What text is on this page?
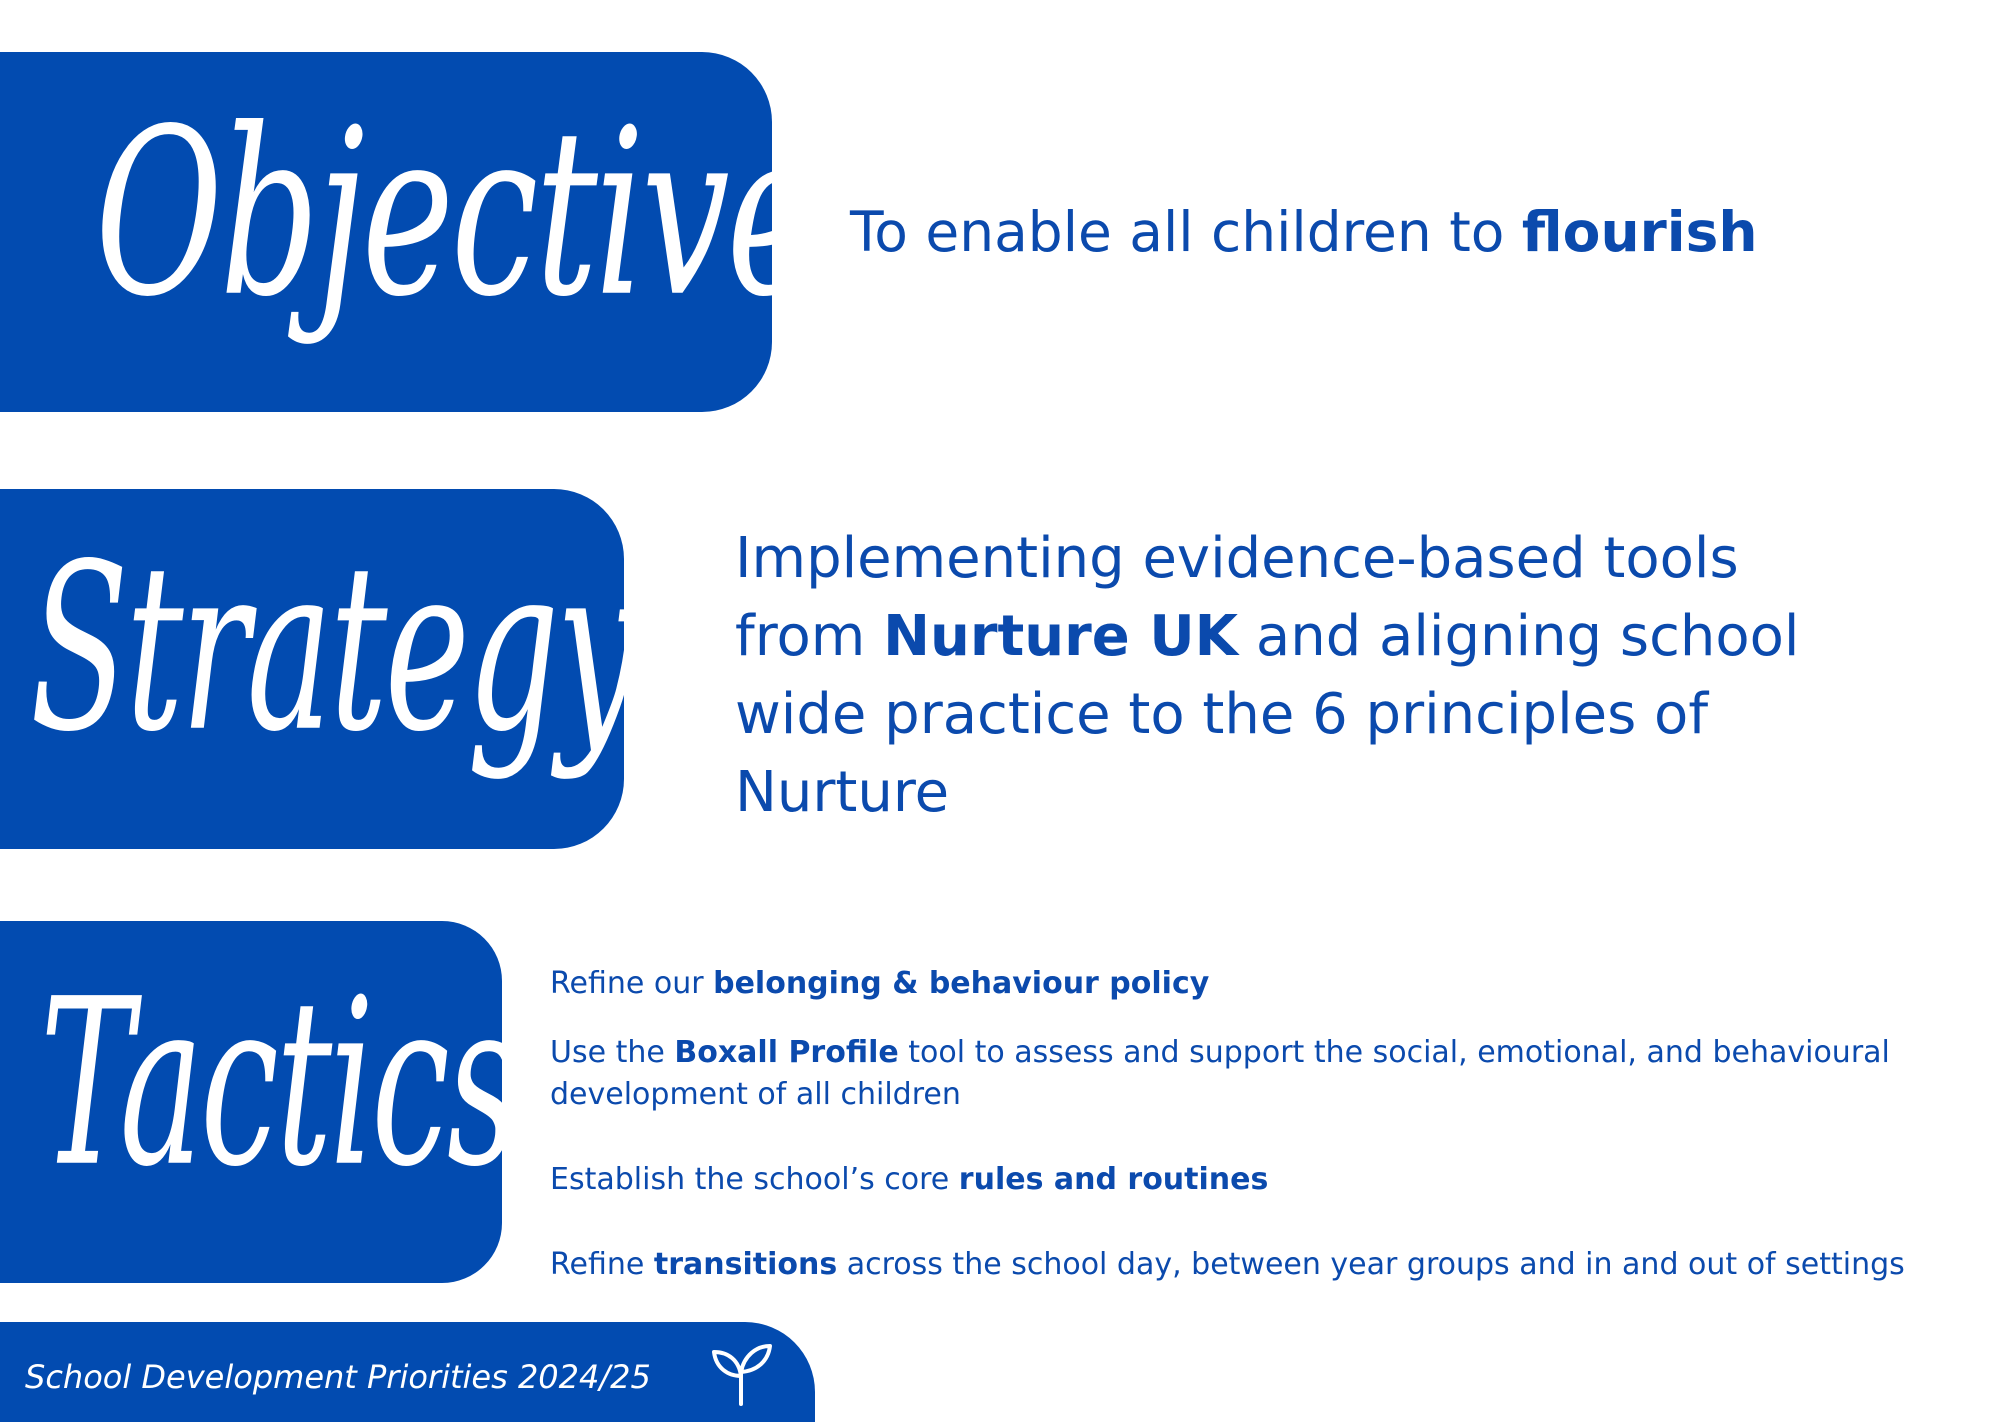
Objective To enable all children to flourish
Strategy Implementing evidence-based tools from Nurture UK and aligning school wide practice to the 6 principles of Nurture
Tactics Refine our belonging & behaviour policy
Use the Boxall Profile tool to assess and support the social, emotional, and behavioural development of all children
Establish the school’s core rules and routines
Refine transitions across the school day, between year groups and in and out of settings
School Development Priorities 2024/25
